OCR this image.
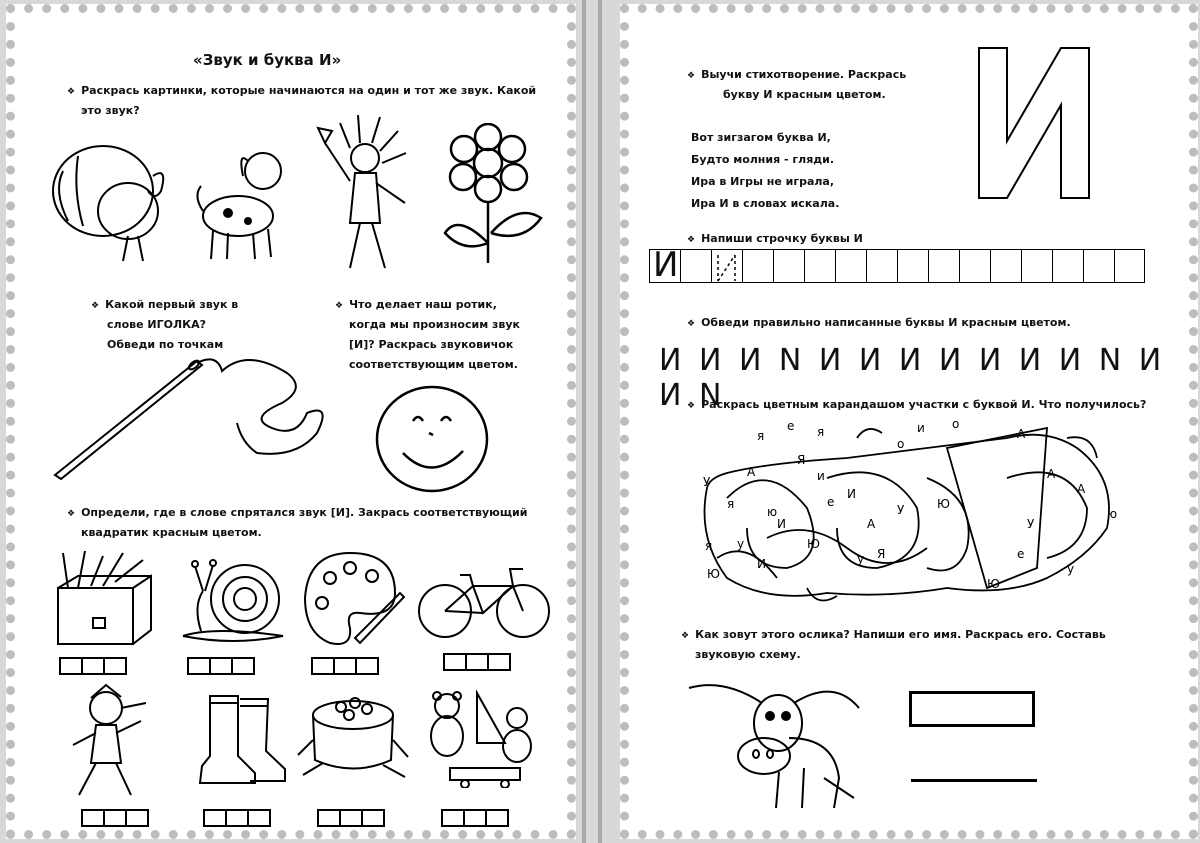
«Звук и буква И»
❖ Раскрась картинки, которые начинаются на один и тот же звук. Какой
это звук?
❖ Какой первый звук в
слове ИГОЛКА?
Обведи по точкам
❖ Что делает наш ротик,
когда мы произносим звук
[И]? Раскрась звуковичок
соответствующим цветом.
❖ Определи, где в слове спрятался звук [И]. Закрась соответствующий
квадратик красным цветом.
❖ Выучи стихотворение. Раскрась
букву И красным цветом.
Вот зигзагом буква И,
Будто молния - гляди.
Ира в Игры не играла,
Ира И в словах искала.
❖ Напиши строчку буквы И
И
❖ Обведи правильно написанные буквы И красным цветом.
И И И N И И И И И И И N И И N
❖ Раскрась цветным карандашом участки с буквой И. Что получилось?
я
е я
о
и о
А
У
А
Я
и
И
И
е
у
я
ю
Ю
И
А
У	Ю
я
Ю
у Я
А
А
У
ю
е
Ю
у
❖ Как зовут этого ослика? Напиши его имя. Раскрась его. Составь
звуковую схему.
